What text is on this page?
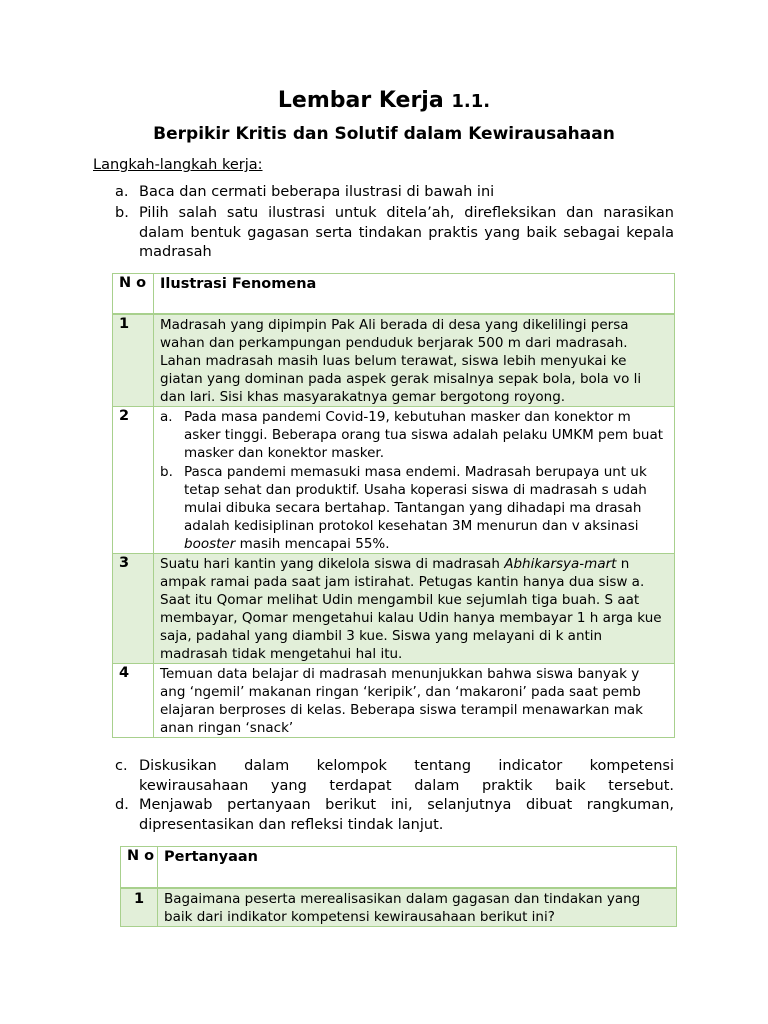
Lembar Kerja 1.1.
Berpikir Kritis dan Solutif dalam Kewirausahaan
Langkah-langkah kerja:
a. Baca dan cermati beberapa ilustrasi di bawah ini
b. Pilih salah satu ilustrasi untuk ditela’ah, direfleksikan dan narasikan dalam bentuk gagasan serta tindakan praktis yang baik sebagai kepala madrasah
N o	Ilustrasi Fenomena
1	Madrasah yang dipimpin Pak Ali berada di desa yang dikelilingi persa wahan dan perkampungan penduduk berjarak 500 m dari madrasah. Lahan madrasah masih luas belum terawat, siswa lebih menyukai ke giatan yang dominan pada aspek gerak misalnya sepak bola, bola vo li dan lari. Sisi khas masyarakatnya gemar bergotong royong.
2	a. Pada masa pandemi Covid-19, kebutuhan masker dan konektor m asker tinggi. Beberapa orang tua siswa adalah pelaku UMKM pem buat masker dan konektor masker.
b. Pasca pandemi memasuki masa endemi. Madrasah berupaya unt uk tetap sehat dan produktif. Usaha koperasi siswa di madrasah s udah mulai dibuka secara bertahap. Tantangan yang dihadapi ma drasah adalah kedisiplinan protokol kesehatan 3M menurun dan v aksinasi booster masih mencapai 55%.

3	Suatu hari kantin yang dikelola siswa di madrasah Abhikarsya-mart n ampak ramai pada saat jam istirahat. Petugas kantin hanya dua sisw a. Saat itu Qomar melihat Udin mengambil kue sejumlah tiga buah. S aat membayar, Qomar mengetahui kalau Udin hanya membayar 1 h arga kue saja, padahal yang diambil 3 kue. Siswa yang melayani di k antin madrasah tidak mengetahui hal itu.
4	Temuan data belajar di madrasah menunjukkan bahwa siswa banyak y ang ‘ngemil’ makanan ringan ‘keripik’, dan ‘makaroni’ pada saat pemb elajaran berproses di kelas. Beberapa siswa terampil menawarkan mak anan ringan ‘snack’
c. Diskusikan dalam kelompok tentang indicator kompetensi kewirausahaan yang terdapat dalam praktik baik tersebut.
d. Menjawab pertanyaan berikut ini, selanjutnya dibuat rangkuman, dipresentasikan dan refleksi tindak lanjut.
N o	Pertanyaan
1	Bagaimana peserta merealisasikan dalam gagasan dan tindakan yang baik dari indikator kompetensi kewirausahaan berikut ini?
